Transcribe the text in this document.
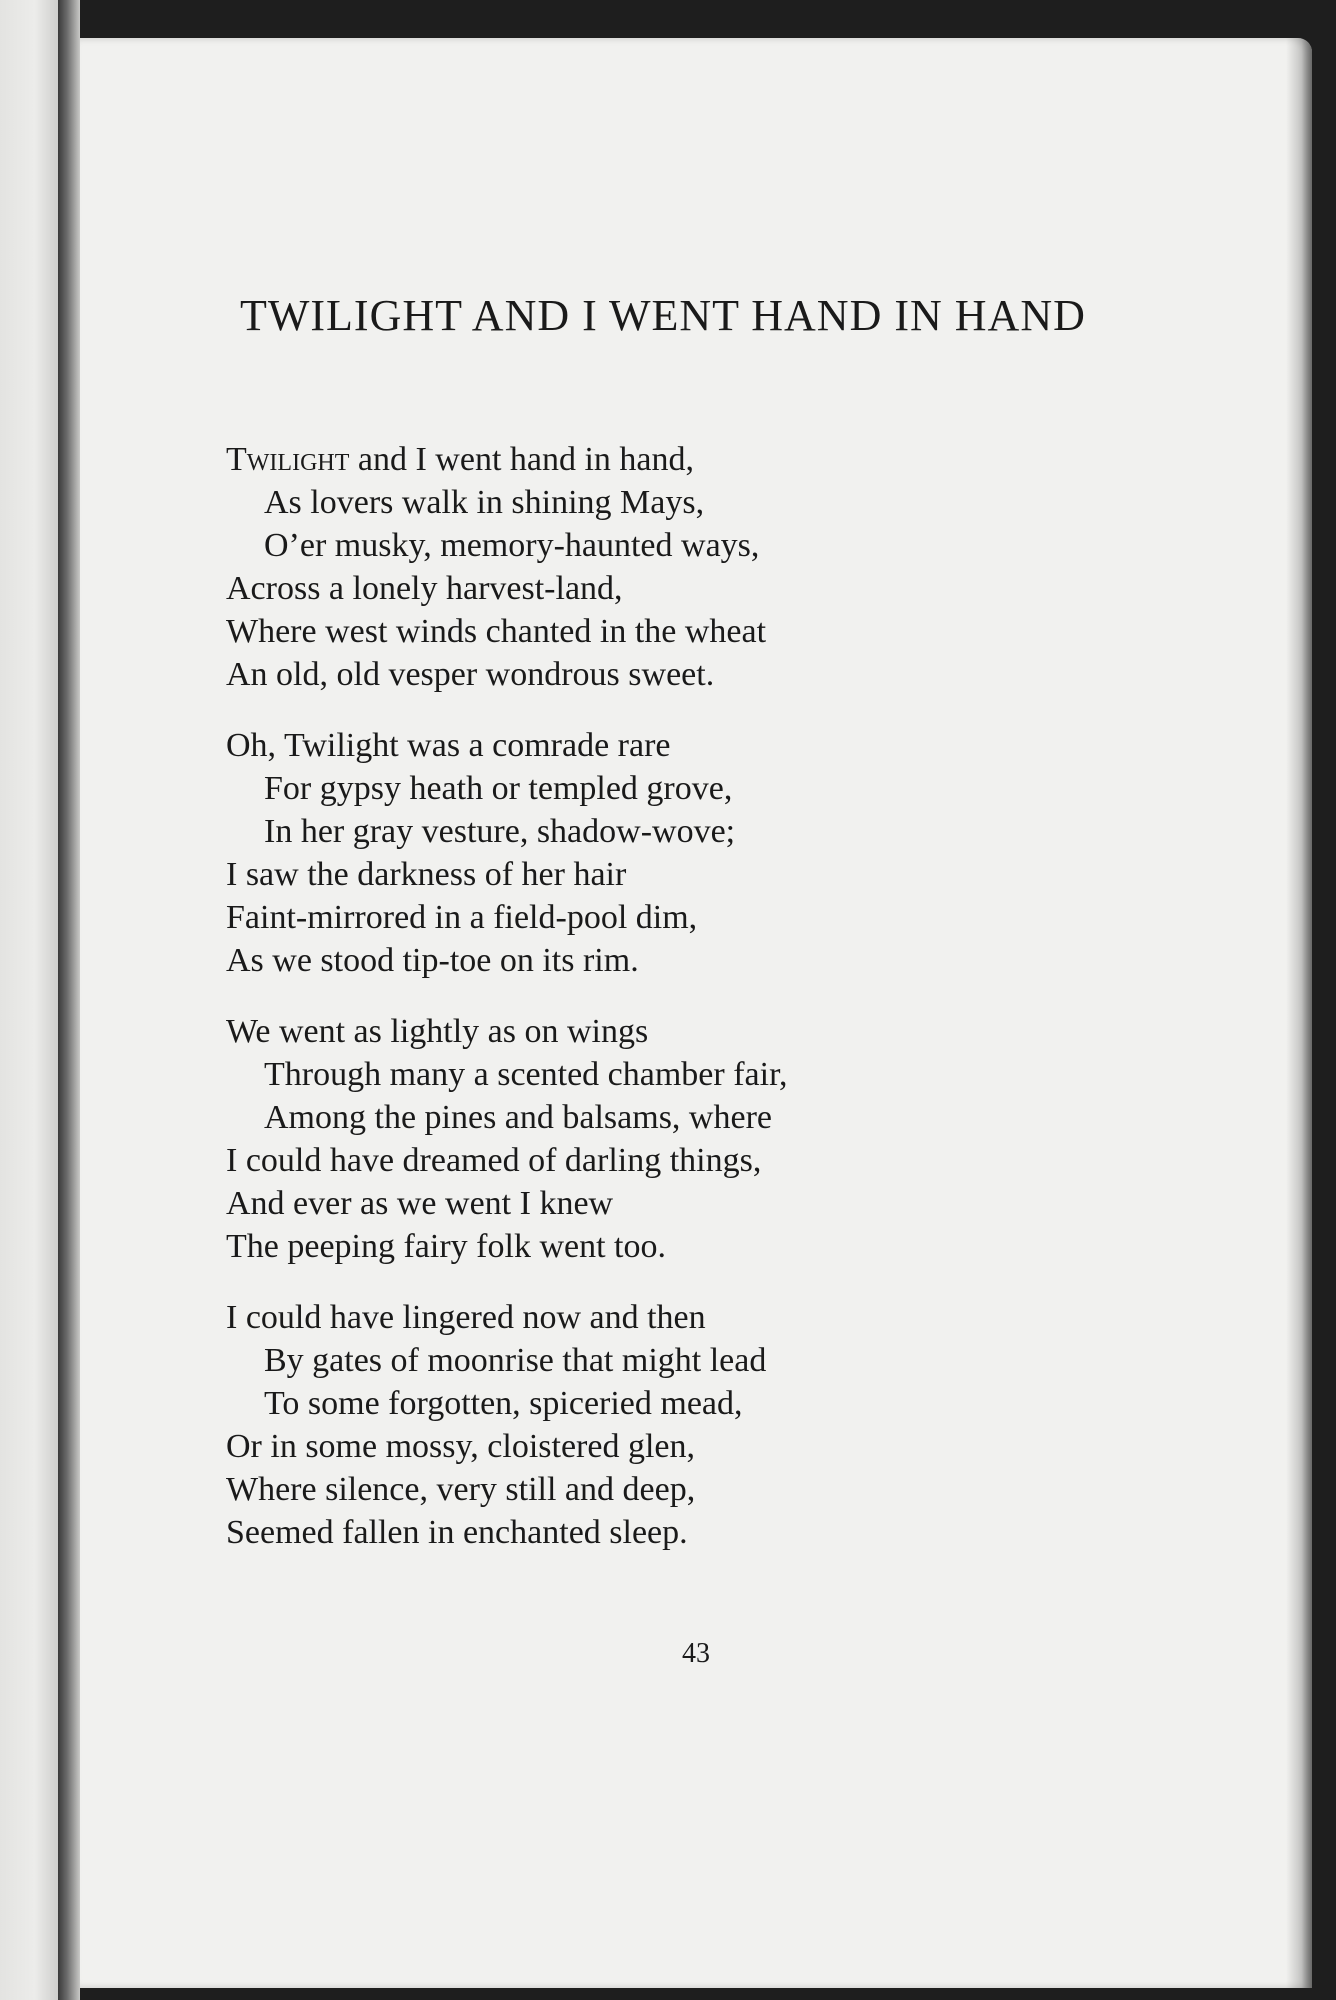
TWILIGHT AND I WENT HAND IN HAND
Twilight and I went hand in hand,
As lovers walk in shining Mays,
O’er musky, memory-haunted ways,
Across a lonely harvest-land,
Where west winds chanted in the wheat
An old, old vesper wondrous sweet.
Oh, Twilight was a comrade rare
For gypsy heath or templed grove,
In her gray vesture, shadow-wove;
I saw the darkness of her hair
Faint-mirrored in a field-pool dim,
As we stood tip-toe on its rim.
We went as lightly as on wings
Through many a scented chamber fair,
Among the pines and balsams, where
I could have dreamed of darling things,
And ever as we went I knew
The peeping fairy folk went too.
I could have lingered now and then
By gates of moonrise that might lead
To some forgotten, spiceried mead,
Or in some mossy, cloistered glen,
Where silence, very still and deep,
Seemed fallen in enchanted sleep.
43
